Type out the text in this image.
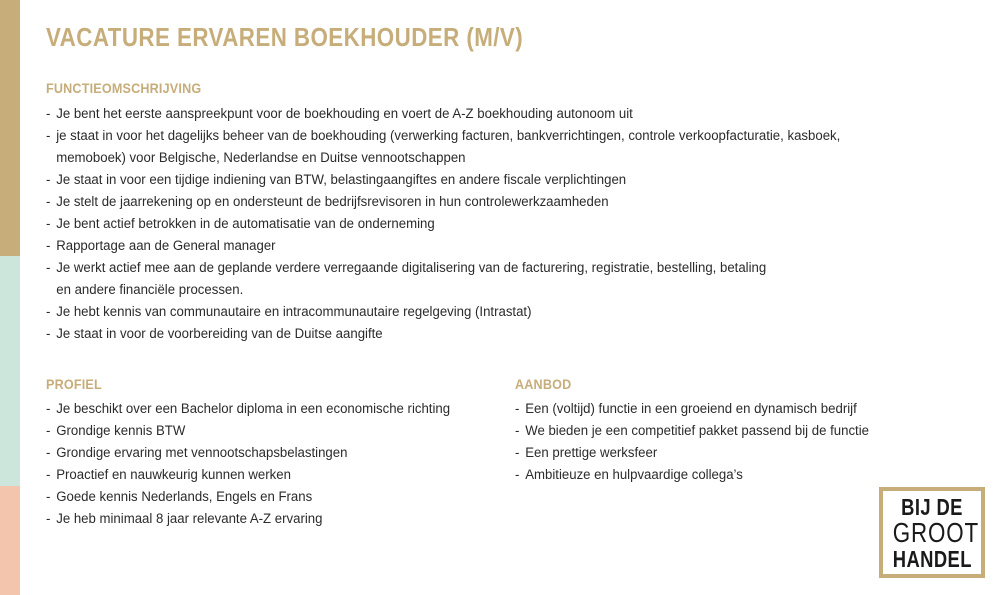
VACATURE ERVAREN BOEKHOUDER (M/V)
FUNCTIEOMSCHRIJVING
- Je bent het eerste aanspreekpunt voor de boekhouding en voert de A-Z boekhouding autonoom uit
- je staat in voor het dagelijks beheer van de boekhouding (verwerking facturen, bankverrichtingen, controle verkoopfacturatie, kasboek,
memoboek) voor Belgische, Nederlandse en Duitse vennootschappen
- Je staat in voor een tijdige indiening van BTW, belastingaangiftes en andere fiscale verplichtingen
- Je stelt de jaarrekening op en ondersteunt de bedrijfsrevisoren in hun controlewerkzaamheden
- Je bent actief betrokken in de automatisatie van de onderneming
- Rapportage aan de General manager
- Je werkt actief mee aan de geplande verdere verregaande digitalisering van de facturering, registratie, bestelling, betaling
en andere financiële processen.
- Je hebt kennis van communautaire en intracommunautaire regelgeving (Intrastat)
- Je staat in voor de voorbereiding van de Duitse aangifte
PROFIEL
- Je beschikt over een Bachelor diploma in een economische richting
- Grondige kennis BTW
- Grondige ervaring met vennootschapsbelastingen
- Proactief en nauwkeurig kunnen werken
- Goede kennis Nederlands, Engels en Frans
- Je heb minimaal 8 jaar relevante A-Z ervaring
AANBOD
- Een (voltijd) functie in een groeiend en dynamisch bedrijf
- We bieden je een competitief pakket passend bij de functie
- Een prettige werksfeer
- Ambitieuze en hulpvaardige collega’s
BIJ DE
GROOT
HANDEL
